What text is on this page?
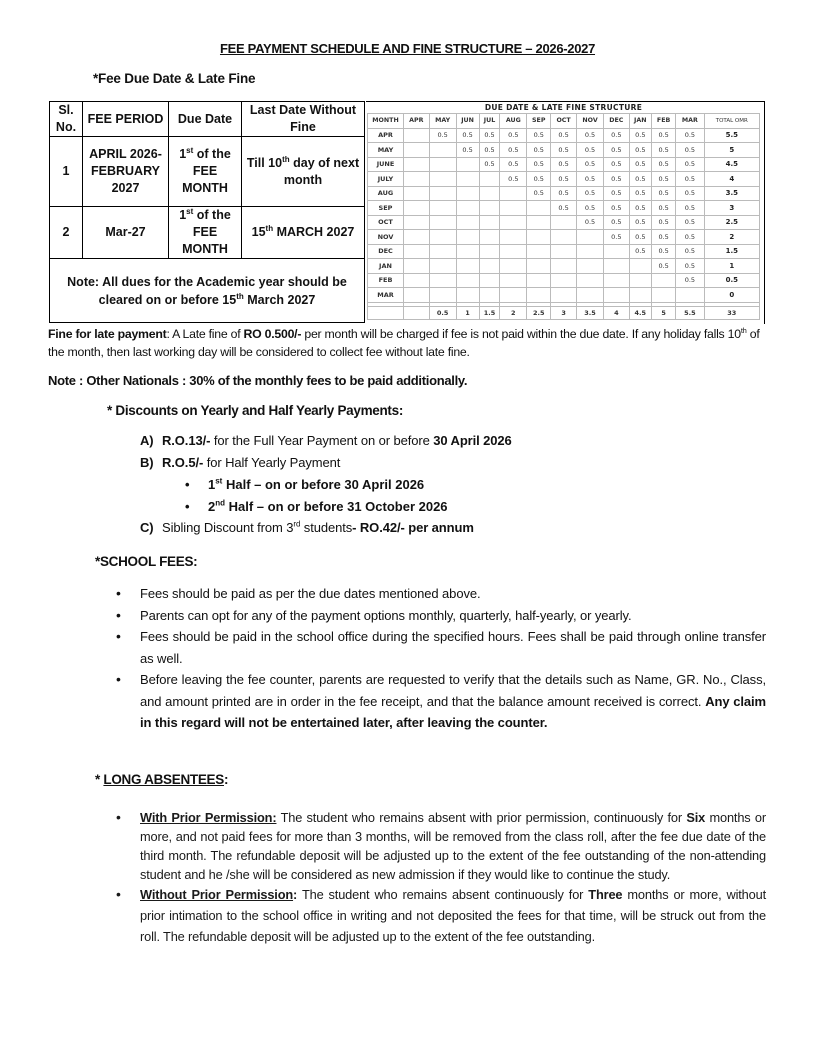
FEE PAYMENT SCHEDULE AND FINE STRUCTURE – 2026-2027
*Fee Due Date & Late Fine
Sl. No.	FEE PERIOD	Due Date	Last Date Without Fine
1	APRIL 2026- FEBRUARY 2027	1st of the FEE MONTH	Till 10th day of next month
2	Mar-27	1st of the FEE MONTH	15th MARCH 2027
Note: All dues for the Academic year should be cleared on or before 15th March 2027			
DUE DATE & LATE FINE STRUCTURE													
MONTH	APR	MAY	JUN	JUL	AUG	SEP	OCT	NOV	DEC	JAN	FEB	MAR	TOTAL OMR
APR		0.5	0.5	0.5	0.5	0.5	0.5	0.5	0.5	0.5	0.5	0.5	5.5
MAY			0.5	0.5	0.5	0.5	0.5	0.5	0.5	0.5	0.5	0.5	5
JUNE				0.5	0.5	0.5	0.5	0.5	0.5	0.5	0.5	0.5	4.5
JULY					0.5	0.5	0.5	0.5	0.5	0.5	0.5	0.5	4
AUG						0.5	0.5	0.5	0.5	0.5	0.5	0.5	3.5
SEP							0.5	0.5	0.5	0.5	0.5	0.5	3
OCT								0.5	0.5	0.5	0.5	0.5	2.5
NOV									0.5	0.5	0.5	0.5	2
DEC										0.5	0.5	0.5	1.5
JAN											0.5	0.5	1
FEB												0.5	0.5
MAR													0

		0.5	1	1.5	2	2.5	3	3.5	4	4.5	5	5.5	33
Fine for late payment: A Late fine of RO 0.500/- per month will be charged if fee is not paid within the due date. If any holiday falls 10th of the month, then last working day will be considered to collect fee without late fine.
Note : Other Nationals : 30% of the monthly fees to be paid additionally.
* Discounts on Yearly and Half Yearly Payments:
A) R.O.13/- for the Full Year Payment on or before 30 April 2026
B) R.O.5/- for Half Yearly Payment
• 1st Half – on or before 30 April 2026
• 2nd Half – on or before 31 October 2026
C) Sibling Discount from 3rd students- RO.42/- per annum
*SCHOOL FEES:
• Fees should be paid as per the due dates mentioned above.
• Parents can opt for any of the payment options monthly, quarterly, half-yearly, or yearly.
• Fees should be paid in the school office during the specified hours. Fees shall be paid through online transfer as well.
• Before leaving the fee counter, parents are requested to verify that the details such as Name, GR. No., Class, and amount printed are in order in the fee receipt, and that the balance amount received is correct. Any claim in this regard will not be entertained later, after leaving the counter.
* LONG ABSENTEES:
• With Prior Permission: The student who remains absent with prior permission, continuously for Six months or more, and not paid fees for more than 3 months, will be removed from the class roll, after the fee due date of the third month. The refundable deposit will be adjusted up to the extent of the fee outstanding of the non-attending student and he /she will be considered as new admission if they would like to continue the study.
• Without Prior Permission: The student who remains absent continuously for Three months or more, without prior intimation to the school office in writing and not deposited the fees for that time, will be struck out from the roll. The refundable deposit will be adjusted up to the extent of the fee outstanding.
